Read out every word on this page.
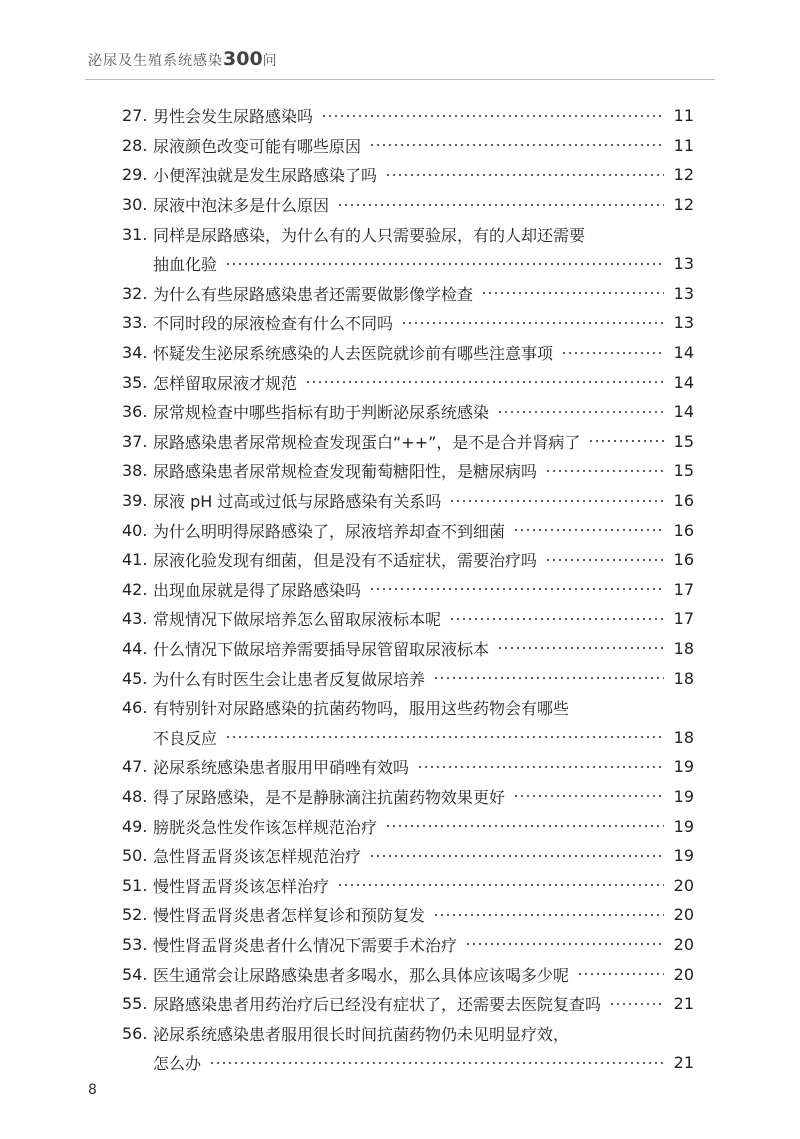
泌尿及生殖系统感染300问
27. 男性会发生尿路感染吗	11
28. 尿液颜色改变可能有哪些原因	11
29. 小便浑浊就是发生尿路感染了吗	12
30. 尿液中泡沫多是什么原因	12
31. 同样是尿路感染，为什么有的人只需要验尿，有的人却还需要
抽血化验	13
32. 为什么有些尿路感染患者还需要做影像学检查	13
33. 不同时段的尿液检查有什么不同吗	13
34. 怀疑发生泌尿系统感染的人去医院就诊前有哪些注意事项	14
35. 怎样留取尿液才规范	14
36. 尿常规检查中哪些指标有助于判断泌尿系统感染	14
37. 尿路感染患者尿常规检查发现蛋白“++”，是不是合并肾病了	15
38. 尿路感染患者尿常规检查发现葡萄糖阳性，是糖尿病吗	15
39. 尿液 pH 过高或过低与尿路感染有关系吗	16
40. 为什么明明得尿路感染了，尿液培养却查不到细菌	16
41. 尿液化验发现有细菌，但是没有不适症状，需要治疗吗	16
42. 出现血尿就是得了尿路感染吗	17
43. 常规情况下做尿培养怎么留取尿液标本呢	17
44. 什么情况下做尿培养需要插导尿管留取尿液标本	18
45. 为什么有时医生会让患者反复做尿培养	18
46. 有特别针对尿路感染的抗菌药物吗，服用这些药物会有哪些
不良反应	18
47. 泌尿系统感染患者服用甲硝唑有效吗	19
48. 得了尿路感染，是不是静脉滴注抗菌药物效果更好	19
49. 膀胱炎急性发作该怎样规范治疗	19
50. 急性肾盂肾炎该怎样规范治疗	19
51. 慢性肾盂肾炎该怎样治疗	20
52. 慢性肾盂肾炎患者怎样复诊和预防复发	20
53. 慢性肾盂肾炎患者什么情况下需要手术治疗	20
54. 医生通常会让尿路感染患者多喝水，那么具体应该喝多少呢	20
55. 尿路感染患者用药治疗后已经没有症状了，还需要去医院复查吗	21
56. 泌尿系统感染患者服用很长时间抗菌药物仍未见明显疗效，
怎么办	21
8
